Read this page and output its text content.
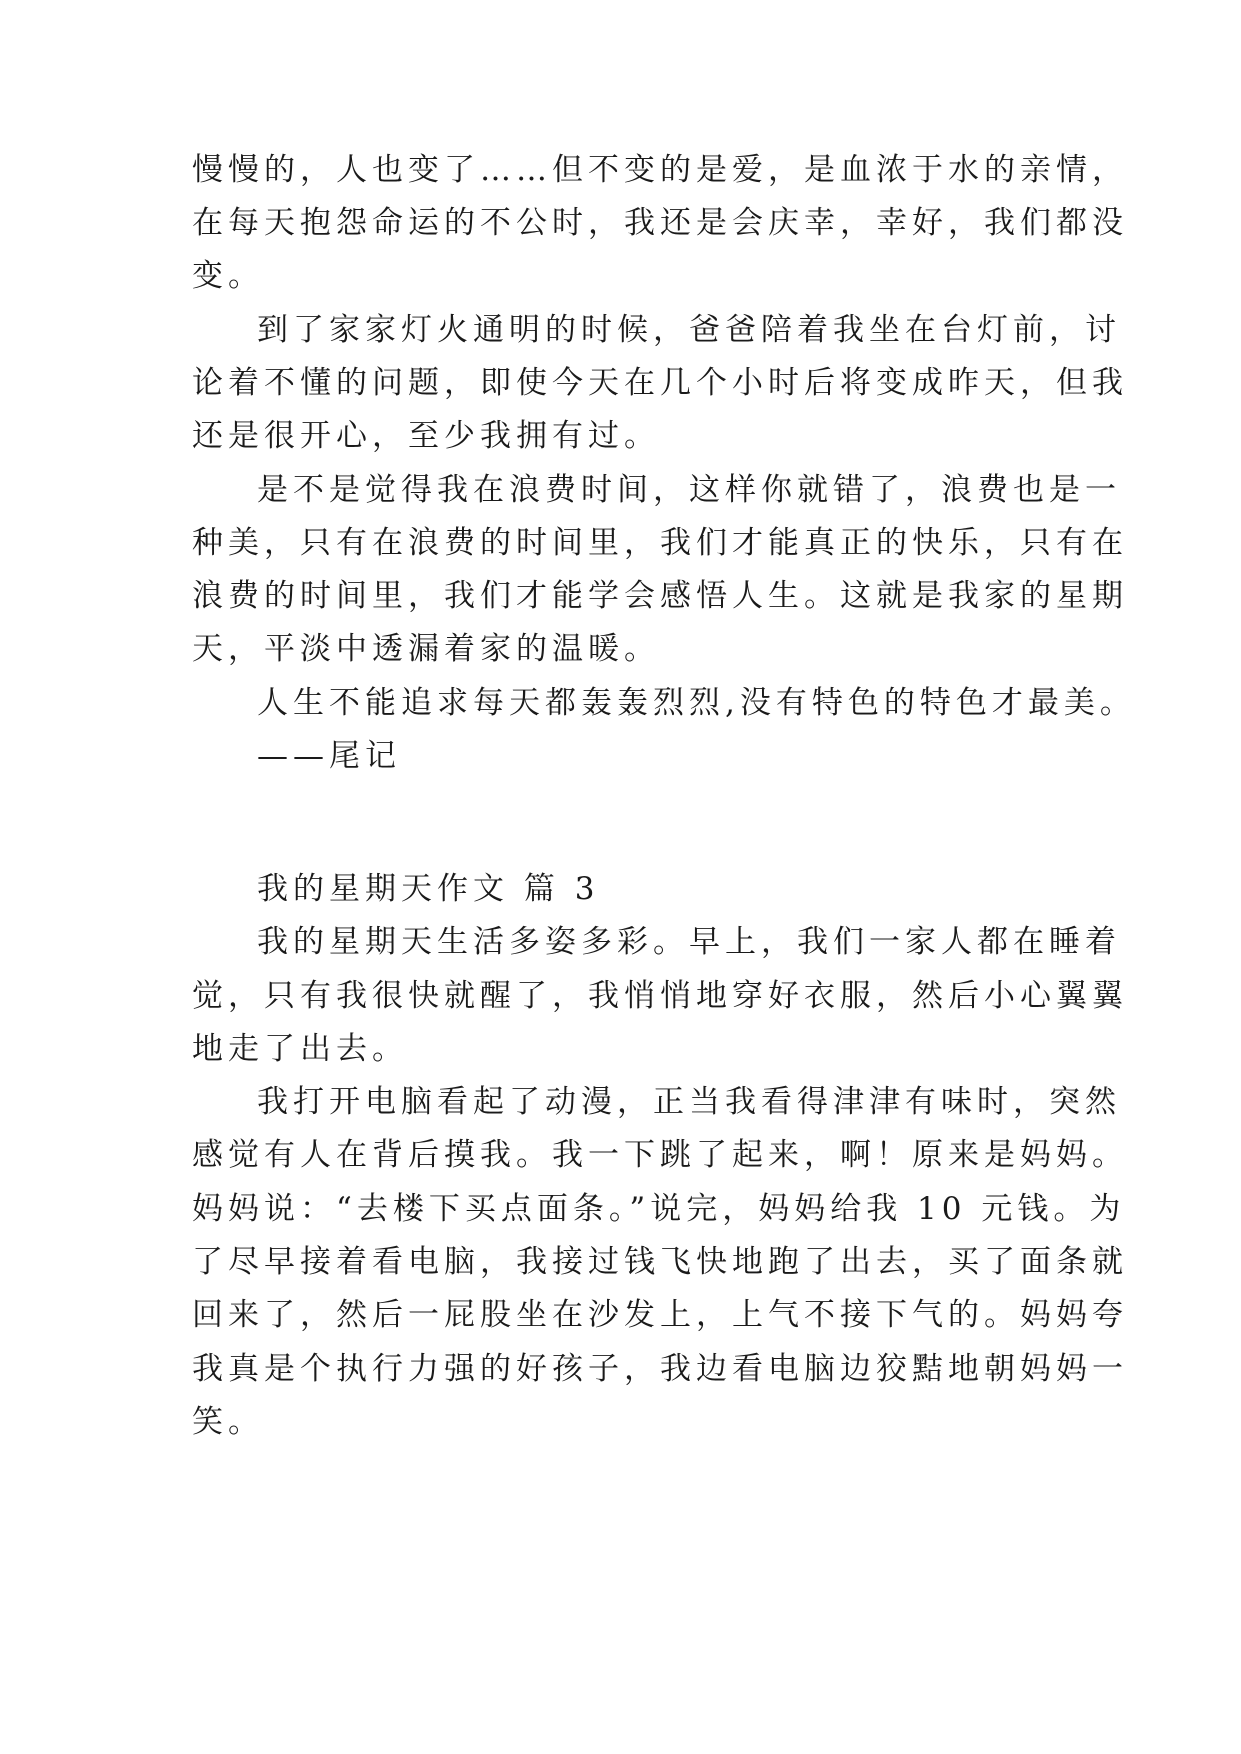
慢慢的，人也变了……但不变的是爱，是血浓于水的亲情，
在每天抱怨命运的不公时，我还是会庆幸，幸好，我们都没
变。
到了家家灯火通明的时候，爸爸陪着我坐在台灯前，讨
论着不懂的问题，即使今天在几个小时后将变成昨天，但我
还是很开心，至少我拥有过。
是不是觉得我在浪费时间，这样你就错了，浪费也是一
种美，只有在浪费的时间里，我们才能真正的快乐，只有在
浪费的时间里，我们才能学会感悟人生。这就是我家的星期
天，平淡中透漏着家的温暖。
人生不能追求每天都轰轰烈烈,没有特色的特色才最美。
——尾记
我的星期天作文 篇 3
我的星期天生活多姿多彩。早上，我们一家人都在睡着
觉，只有我很快就醒了，我悄悄地穿好衣服，然后小心翼翼
地走了出去。
我打开电脑看起了动漫，正当我看得津津有味时，突然
感觉有人在背后摸我。我一下跳了起来，啊！原来是妈妈。
妈妈说：“去楼下买点面条。”说完，妈妈给我 10 元钱。为
了尽早接着看电脑，我接过钱飞快地跑了出去，买了面条就
回来了，然后一屁股坐在沙发上，上气不接下气的。妈妈夸
我真是个执行力强的好孩子，我边看电脑边狡黠地朝妈妈一
笑。
